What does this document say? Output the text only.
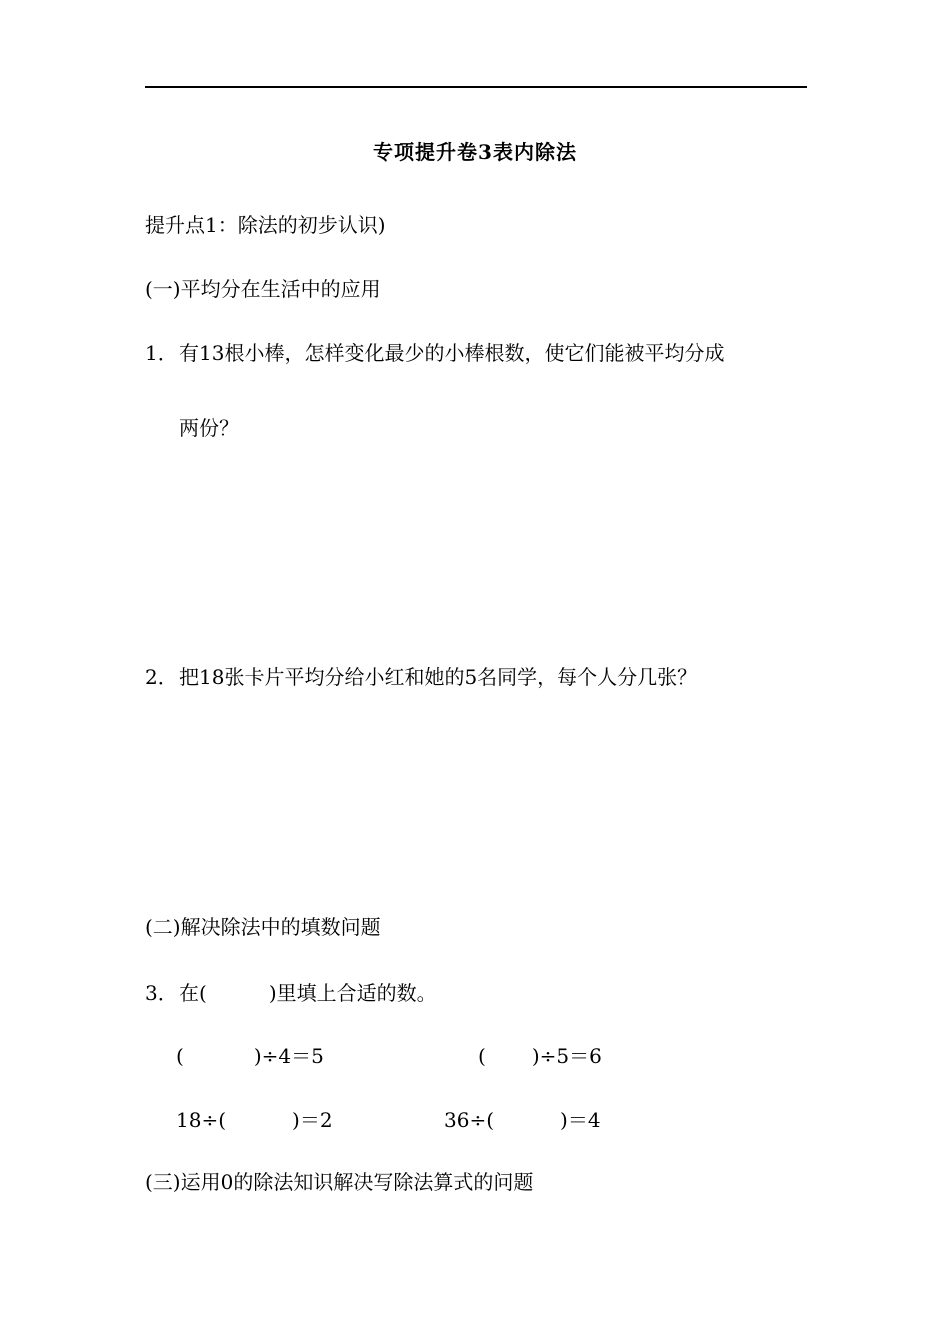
专项提升卷3表内除法
提升点1：除法的初步认识)
(一)平均分在生活中的应用
1．有13根小棒，怎样变化最少的小棒根数，使它们能被平均分成
两份？
2．把18张卡片平均分给小红和她的5名同学，每个人分几张？
(二)解决除法中的填数问题
3．在(	)里填上合适的数。
(	)÷4＝5	( )÷5＝6
18÷(	)＝2	36÷(	)＝4
(三)运用0的除法知识解决写除法算式的问题
